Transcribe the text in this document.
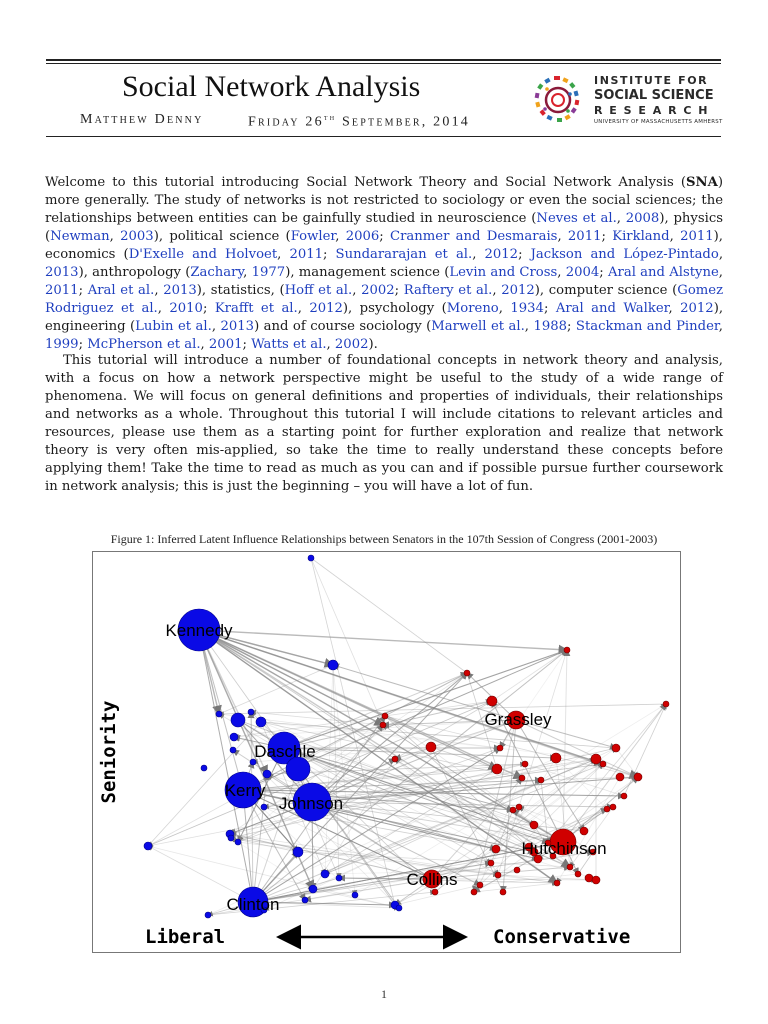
Social Network Analysis
Matthew Denny	Friday 26th September, 2014
INSTITUTE FOR
SOCIAL SCIENCE
R E S E A R C H
UNIVERSITY OF MASSACHUSETTS AMHERST
Welcome to this tutorial introducing Social Network Theory and Social Network Analysis (SNA) more generally. The study of networks is not restricted to sociology or even the social sciences; the relationships between entities can be gainfully studied in neuroscience (Neves et al., 2008), physics (Newman, 2003), political science (Fowler, 2006; Cranmer and Desmarais, 2011; Kirkland, 2011), economics (D'Exelle and Holvoet, 2011; Sundararajan et al., 2012; Jackson and López-Pintado, 2013), anthropology (Zachary, 1977), management science (Levin and Cross, 2004; Aral and Alstyne, 2011; Aral et al., 2013), statistics, (Hoff et al., 2002; Raftery et al., 2012), computer science (Gomez Rodriguez et al., 2010; Krafft et al., 2012), psychology (Moreno, 1934; Aral and Walker, 2012), engineering (Lubin et al., 2013) and of course sociology (Marwell et al., 1988; Stackman and Pinder, 1999; McPherson et al., 2001; Watts et al., 2002).
This tutorial will introduce a number of foundational concepts in network theory and analysis, with a focus on how a network perspective might be useful to the study of a wide range of phenomena. We will focus on general definitions and properties of individuals, their relationships and networks as a whole. Throughout this tutorial I will include citations to relevant articles and resources, please use them as a starting point for further exploration and realize that network theory is very often mis-applied, so take the time to really understand these concepts before applying them! Take the time to read as much as you can and if possible pursue further coursework in network analysis; this is just the beginning – you will have a lot of fun.
Figure 1: Inferred Latent Influence Relationships between Senators in the 107th Session of Congress (2001-2003)
Kennedy
Daschle
Kerry
Johnson
Clinton
Grassley
Hutchinson
Collins
Seniority
Liberal	Conservative
1
